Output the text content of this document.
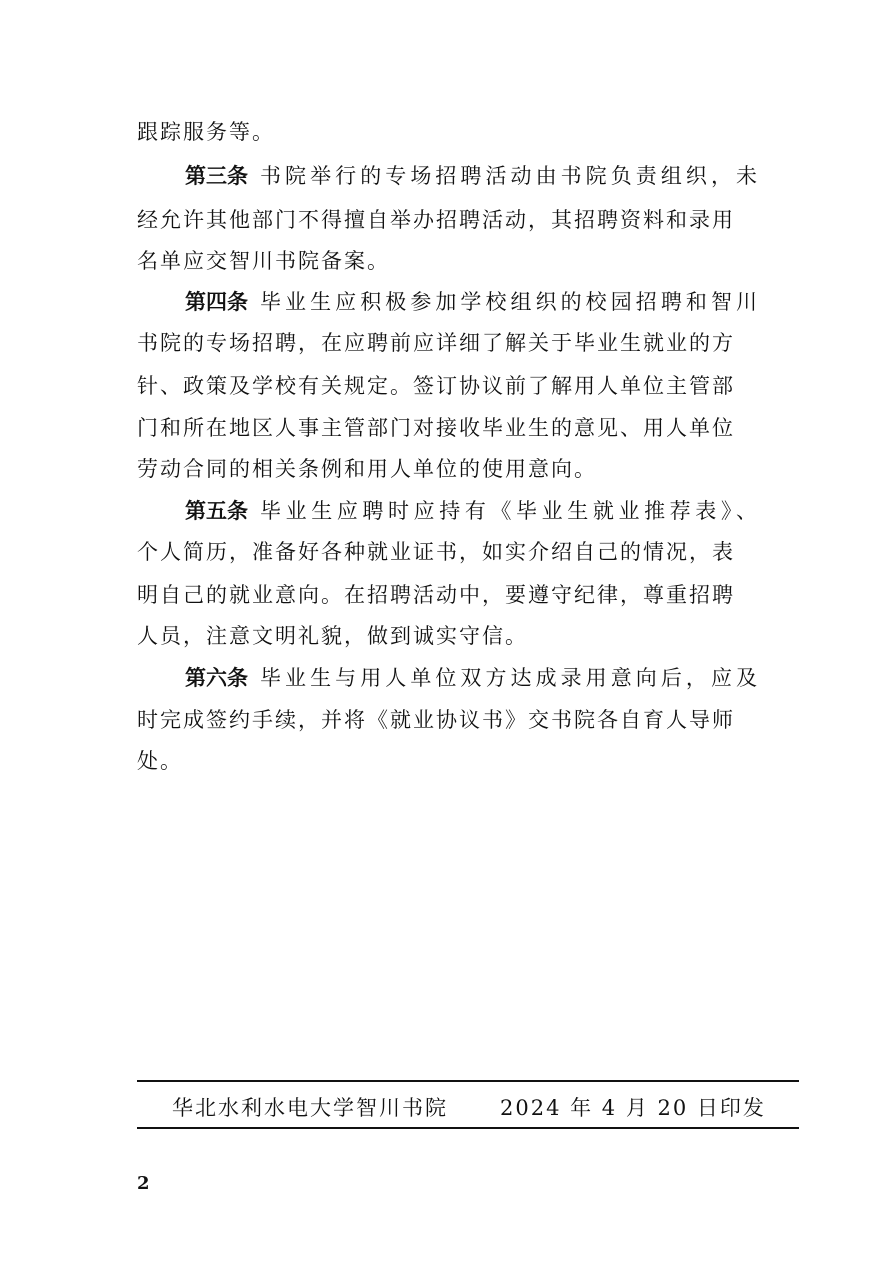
跟踪服务等。
第三条 书院举行的专场招聘活动由书院负责组织，未
经允许其他部门不得擅自举办招聘活动，其招聘资料和录用
名单应交智川书院备案。
第四条 毕业生应积极参加学校组织的校园招聘和智川
书院的专场招聘，在应聘前应详细了解关于毕业生就业的方
针、政策及学校有关规定。签订协议前了解用人单位主管部
门和所在地区人事主管部门对接收毕业生的意见、用人单位
劳动合同的相关条例和用人单位的使用意向。
第五条 毕业生应聘时应持有《毕业生就业推荐表》、
个人简历，准备好各种就业证书，如实介绍自己的情况，表
明自己的就业意向。在招聘活动中，要遵守纪律，尊重招聘
人员，注意文明礼貌，做到诚实守信。
第六条 毕业生与用人单位双方达成录用意向后，应及
时完成签约手续，并将《就业协议书》交书院各自育人导师
处。
华北水利水电大学智川书院 2024 年 4 月 20 日印发
2
